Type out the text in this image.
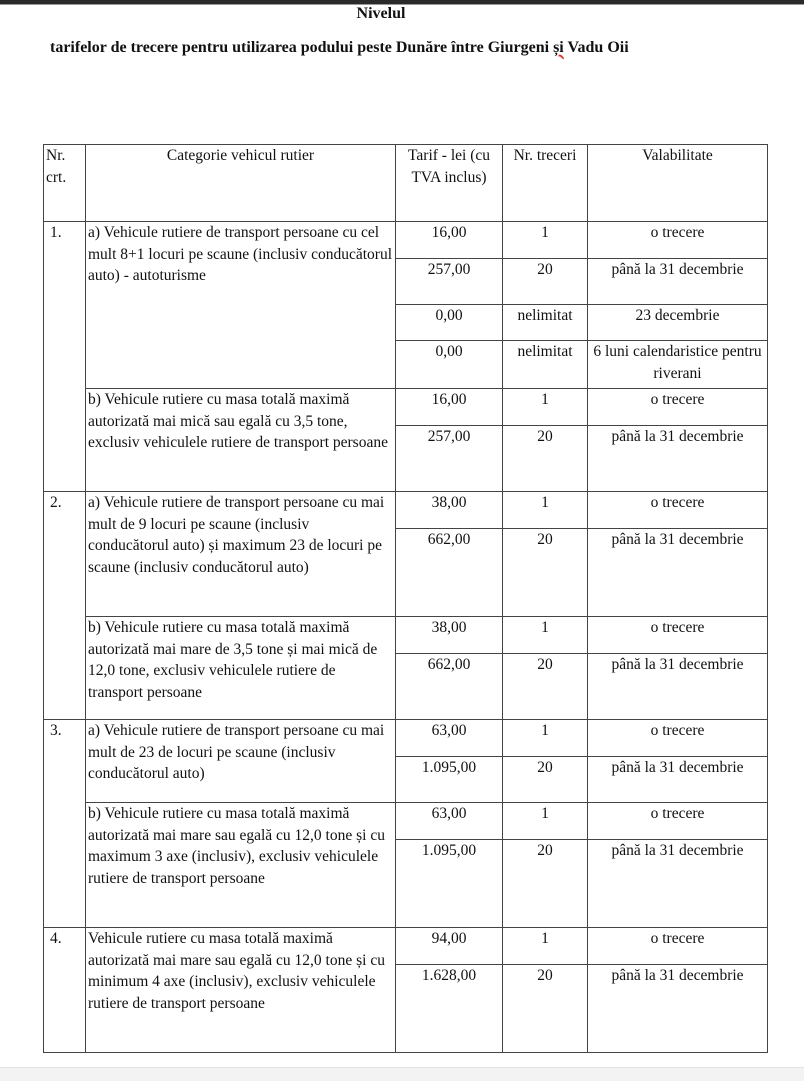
Nivelul
tarifelor de trecere pentru utilizarea podului peste Dunăre între Giurgeni și Vadu Oii
Nr. crt.	Categorie vehicul rutier	Tarif - lei (cu TVA inclus)	Nr. treceri	Valabilitate
1.	a) Vehicule rutiere de transport persoane cu cel mult 8+1 locuri pe scaune (inclusiv conducătorul auto) - autoturisme	16,00	1	o trecere
		257,00	20	până la 31 decembrie
		0,00	nelimitat	23 decembrie
		0,00	nelimitat	6 luni calendaristice pentru riverani
	b) Vehicule rutiere cu masa totală maximă autorizată mai mică sau egală cu 3,5 tone, exclusiv vehiculele rutiere de transport persoane	16,00	1	o trecere
		257,00	20	până la 31 decembrie
2.	a) Vehicule rutiere de transport persoane cu mai mult de 9 locuri pe scaune (inclusiv conducătorul auto) și maximum 23 de locuri pe scaune (inclusiv conducătorul auto)	38,00	1	o trecere
		662,00	20	până la 31 decembrie
	b) Vehicule rutiere cu masa totală maximă autorizată mai mare de 3,5 tone și mai mică de 12,0 tone, exclusiv vehiculele rutiere de transport persoane	38,00	1	o trecere
		662,00	20	până la 31 decembrie
3.	a) Vehicule rutiere de transport persoane cu mai mult de 23 de locuri pe scaune (inclusiv conducătorul auto)	63,00	1	o trecere
		1.095,00	20	până la 31 decembrie
	b) Vehicule rutiere cu masa totală maximă autorizată mai mare sau egală cu 12,0 tone și cu maximum 3 axe (inclusiv), exclusiv vehiculele rutiere de transport persoane	63,00	1	o trecere
		1.095,00	20	până la 31 decembrie
4.	Vehicule rutiere cu masa totală maximă autorizată mai mare sau egală cu 12,0 tone și cu minimum 4 axe (inclusiv), exclusiv vehiculele rutiere de transport persoane	94,00	1	o trecere
		1.628,00	20	până la 31 decembrie
